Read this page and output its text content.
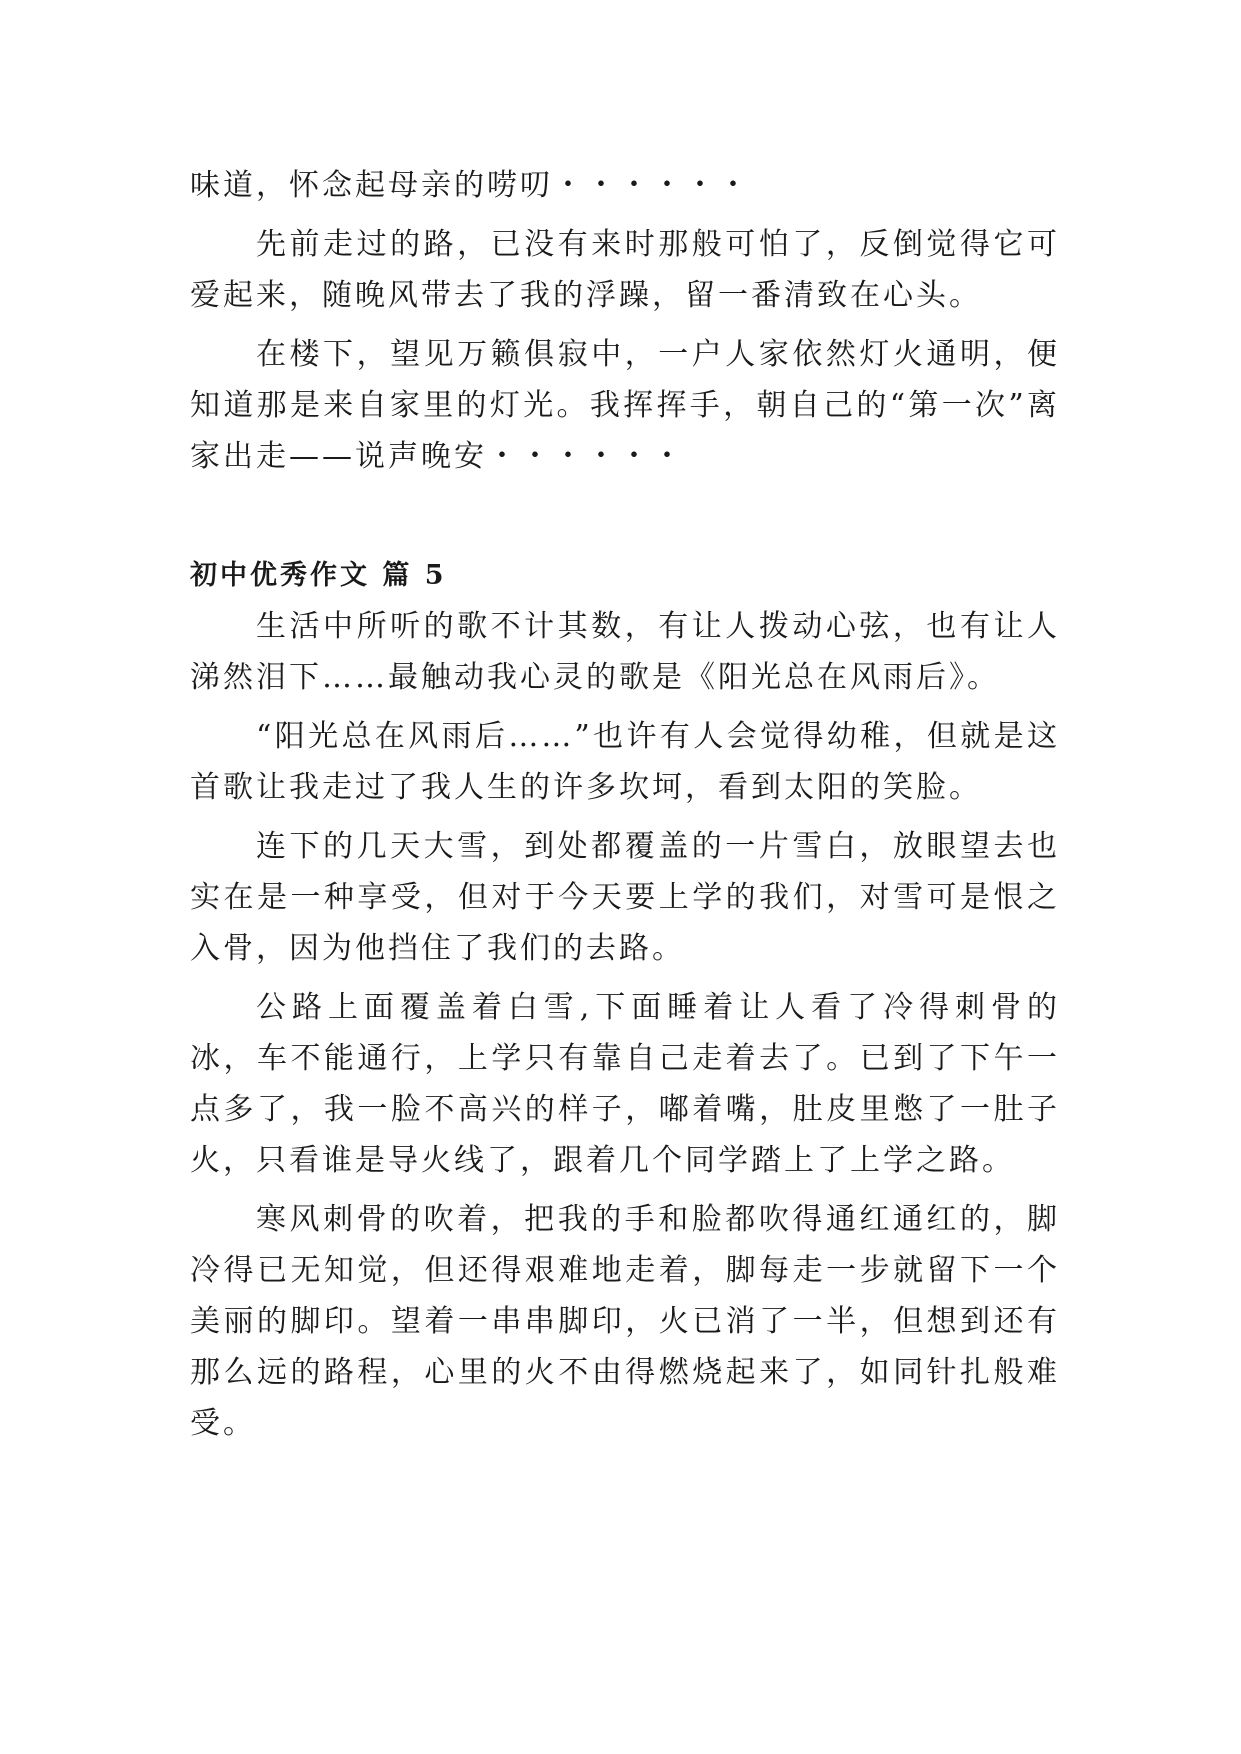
味道，怀念起母亲的唠叨・・・・・・

先前走过的路，已没有来时那般可怕了，反倒觉得它可爱起来，随晚风带去了我的浮躁，留一番清致在心头。

在楼下，望见万籁俱寂中，一户人家依然灯火通明，便知道那是来自家里的灯光。我挥挥手，朝自己的“第一次”离家出走——说声晚安・・・・・・

初中优秀作文 篇 5

生活中所听的歌不计其数，有让人拨动心弦，也有让人涕然泪下……最触动我心灵的歌是《阳光总在风雨后》。

“阳光总在风雨后……”也许有人会觉得幼稚，但就是这首歌让我走过了我人生的许多坎坷，看到太阳的笑脸。

连下的几天大雪，到处都覆盖的一片雪白，放眼望去也实在是一种享受，但对于今天要上学的我们，对雪可是恨之入骨，因为他挡住了我们的去路。

公路上面覆盖着白雪,下面睡着让人看了冷得刺骨的冰，车不能通行，上学只有靠自己走着去了。已到了下午一点多了，我一脸不高兴的样子，嘟着嘴，肚皮里憋了一肚子火，只看谁是导火线了，跟着几个同学踏上了上学之路。

寒风刺骨的吹着，把我的手和脸都吹得通红通红的，脚冷得已无知觉，但还得艰难地走着，脚每走一步就留下一个美丽的脚印。望着一串串脚印，火已消了一半，但想到还有那么远的路程，心里的火不由得燃烧起来了，如同针扎般难受。
